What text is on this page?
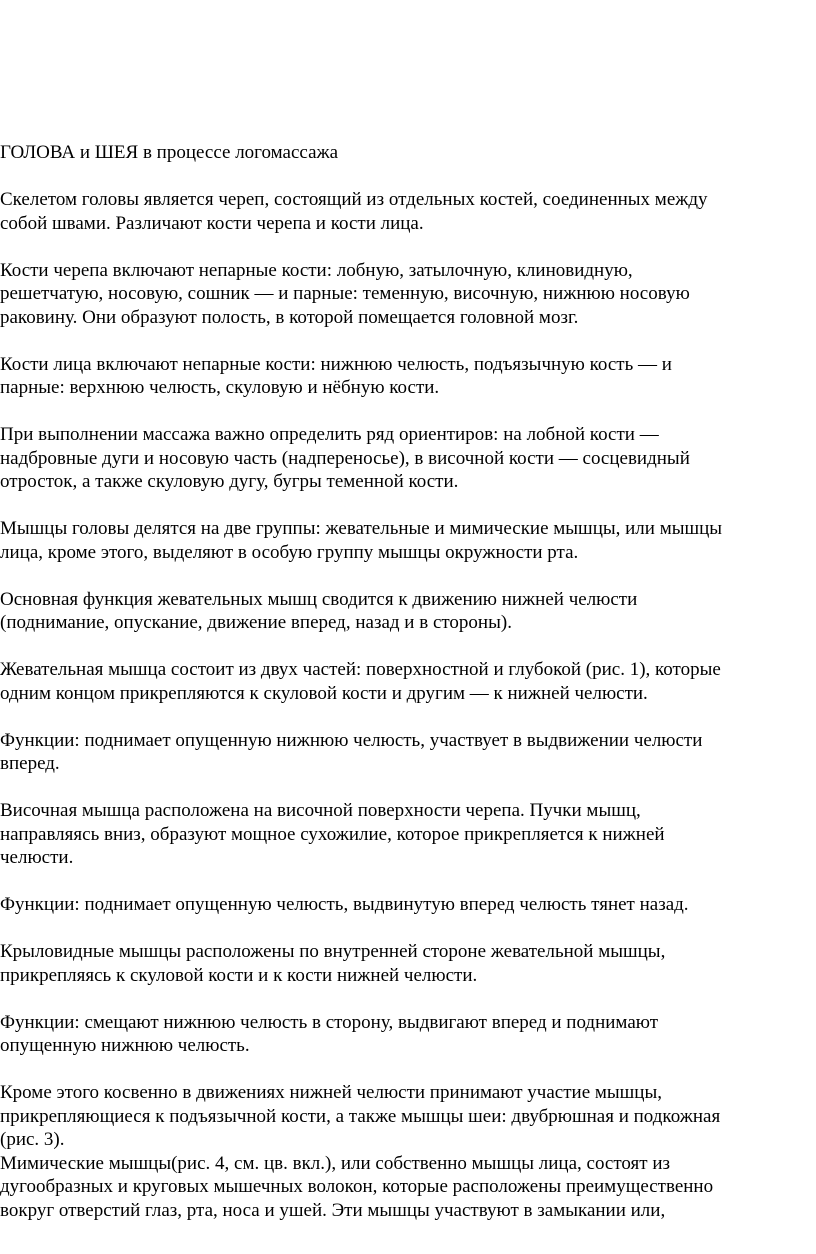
ГОЛОВА и ШЕЯ в процессе логомассажа

Скелетом головы является череп, состоящий из отдельных костей, соединенных между
собой швами. Различают кости черепа и кости лица.

Кости черепа включают непарные кости: лобную, затылочную, клиновидную,
решетчатую, носовую, сошник — и парные: теменную, височную, нижнюю носовую
раковину. Они образуют полость, в которой помещается головной мозг.

Кости лица включают непарные кости: нижнюю челюсть, подъязычную кость — и
парные: верхнюю челюсть, скуловую и нёбную кости.

При выполнении массажа важно определить ряд ориентиров: на лобной кости —
надбровные дуги и носовую часть (надпереносье), в височной кости — сосцевидный
отросток, а также скуловую дугу, бугры теменной кости.

Мышцы головы делятся на две группы: жевательные и мимические мышцы, или мышцы
лица, кроме этого, выделяют в особую группу мышцы окружности рта.

Основная функция жевательных мышц сводится к движению нижней челюсти
(поднимание, опускание, движение вперед, назад и в стороны).

Жевательная мышца состоит из двух частей: поверхностной и глубокой (рис. 1), которые
одним концом прикрепляются к скуловой кости и другим — к нижней челюсти.

Функции: поднимает опущенную нижнюю челюсть, участвует в выдвижении челюсти
вперед.

Височная мышца расположена на височной поверхности черепа. Пучки мышц,
направляясь вниз, образуют мощное сухожилие, которое прикрепляется к нижней
челюсти.

Функции: поднимает опущенную челюсть, выдвинутую вперед челюсть тянет назад.

Крыловидные мышцы расположены по внутренней стороне жевательной мышцы,
прикрепляясь к скуловой кости и к кости нижней челюсти.

Функции: смещают нижнюю челюсть в сторону, выдвигают вперед и поднимают
опущенную нижнюю челюсть.

Кроме этого косвенно в движениях нижней челюсти принимают участие мышцы,
прикрепляющиеся к подъязычной кости, а также мышцы шеи: двубрюшная и подкожная
(рис. 3).

Мимические мышцы(рис. 4, см. цв. вкл.), или собственно мышцы лица, состоят из
дугообразных и круговых мышечных волокон, которые расположены преимущественно
вокруг отверстий глаз, рта, носа и ушей. Эти мышцы участвуют в замыкании или,
